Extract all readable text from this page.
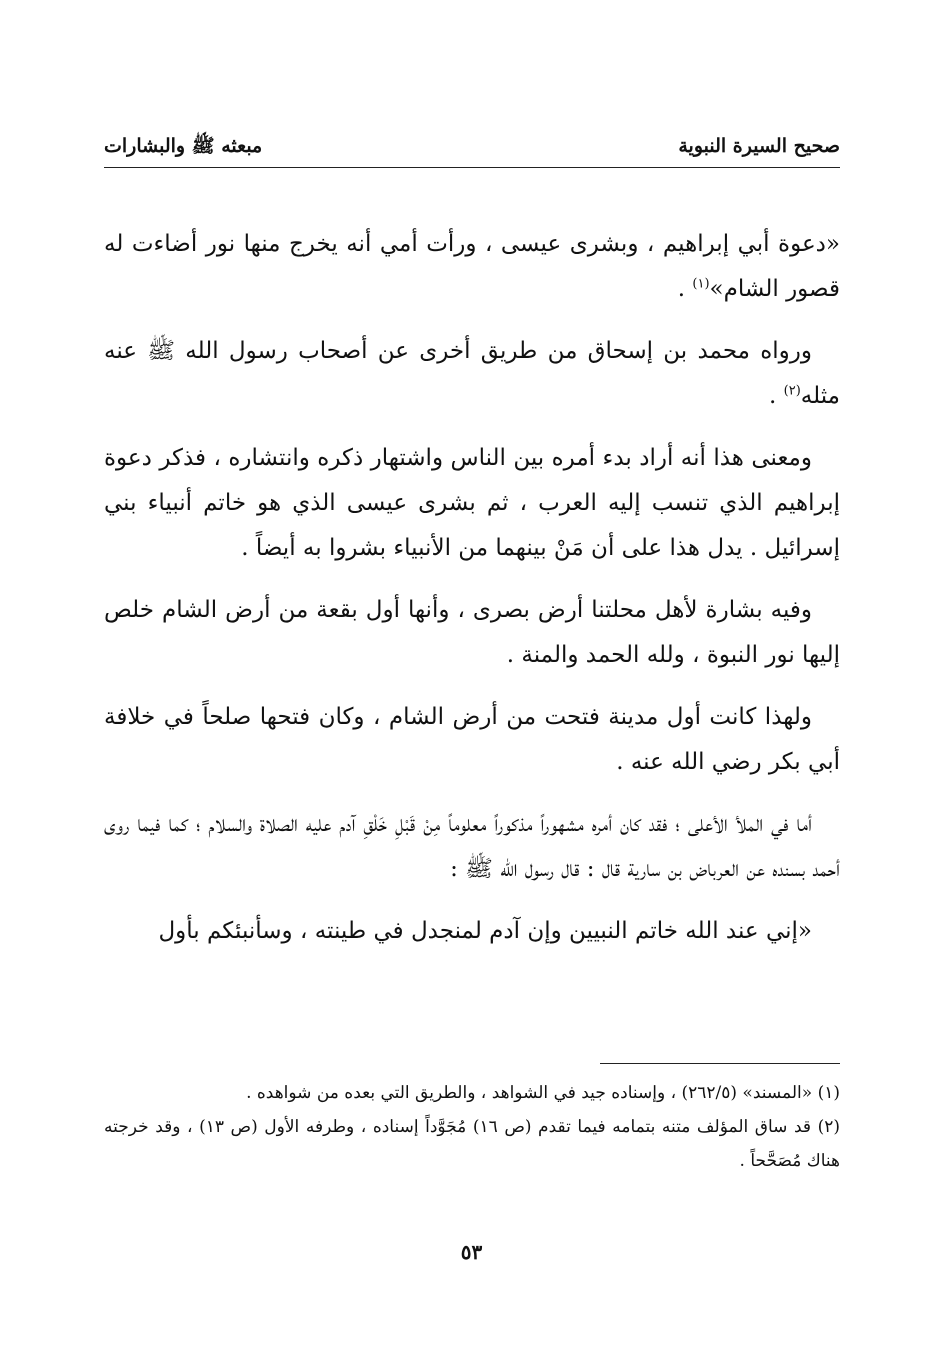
صحيح السيرة النبوية
مبعثه ﷺ والبشارات

«دعوة أبي إبراهيم ، وبشرى عيسى ، ورأت أمي أنه يخرج منها نور أضاءت له قصور الشام»$^{(١)}$ .

ورواه محمد بن إسحاق من طريق أخرى عن أصحاب رسول الله ﷺ عنه مثله$^{(٢)}$ .

ومعنى هذا أنه أراد بدء أمره بين الناس واشتهار ذكره وانتشاره ، فذكر دعوة إبراهيم الذي تنسب إليه العرب ، ثم بشرى عيسى الذي هو خاتم أنبياء بني إسرائيل . يدل هذا على أن مَنْ بينهما من الأنبياء بشروا به أيضاً .

وفيه بشارة لأهل محلتنا أرض بصرى ، وأنها أول بقعة من أرض الشام خلص إليها نور النبوة ، ولله الحمد والمنة .

ولهذا كانت أول مدينة فتحت من أرض الشام ، وكان فتحها صلحاً في خلافة أبي بكر رضي الله عنه .

أما في الملأ الأعلى ؛ فقد كان أمره مشهوراً مذكوراً معلوماً مِنْ قَبْلِ خَلْقِ آدم عليه الصلاة والسلام ؛ كما فيما روى أحمد بسنده عن العرباض بن سارية قال : قال رسول الله ﷺ :

«إني عند الله خاتم النبيين وإن آدم لمنجدل في طينته ، وسأنبئكم بأول

(١) «المسند» (٢٦٢/٥) ، وإسناده جيد في الشواهد ، والطريق التي بعده من شواهده .

(٢) قد ساق المؤلف متنه بتمامه فيما تقدم (ص ١٦) مُجَوَّداً إسناده ، وطرفه الأول (ص ١٣) ، وقد خرجته هناك مُصَحَّحاً .

٥٣
